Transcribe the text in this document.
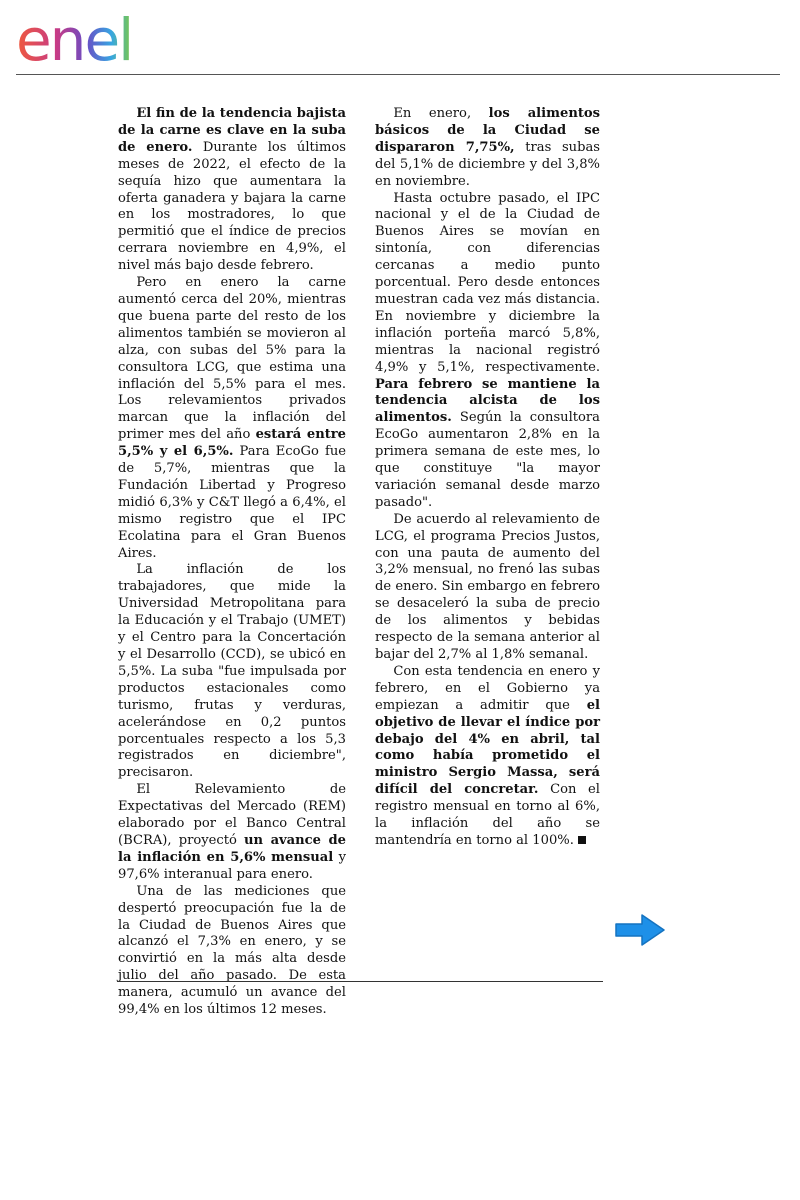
enel

El fin de la tendencia bajista de la carne es clave en la suba de enero. Durante los últimos meses de 2022, el efecto de la sequía hizo que aumentara la oferta ganadera y bajara la carne en los mostradores, lo que permitió que el índice de precios cerrara noviembre en 4,9%, el nivel más bajo desde febrero.

Pero en enero la carne aumentó cerca del 20%, mientras que buena parte del resto de los alimentos también se movieron al alza, con subas del 5% para la consultora LCG, que estima una inflación del 5,5% para el mes. Los relevamientos privados marcan que la inflación del primer mes del año estará entre 5,5% y el 6,5%. Para EcoGo fue de 5,7%, mientras que la Fundación Libertad y Progreso midió 6,3% y C&T llegó a 6,4%, el mismo registro que el IPC Ecolatina para el Gran Buenos Aires.

La inflación de los trabajadores, que mide la Universidad Metropolitana para la Educación y el Trabajo (UMET) y el Centro para la Concertación y el Desarrollo (CCD), se ubicó en 5,5%. La suba "fue impulsada por productos estacionales como turismo, frutas y verduras, acelerándose en 0,2 puntos porcentuales respecto a los 5,3 registrados en diciembre", precisaron.

El Relevamiento de Expectativas del Mercado (REM) elaborado por el Banco Central (BCRA), proyectó un avance de la inflación en 5,6% mensual y 97,6% interanual para enero.

Una de las mediciones que despertó preocupación fue la de la Ciudad de Buenos Aires que alcanzó el 7,3% en enero, y se convirtió en la más alta desde julio del año pasado. De esta manera, acumuló un avance del 99,4% en los últimos 12 meses.

En enero, los alimentos básicos de la Ciudad se dispararon 7,75%, tras subas del 5,1% de diciembre y del 3,8% en noviembre.

Hasta octubre pasado, el IPC nacional y el de la Ciudad de Buenos Aires se movían en sintonía, con diferencias cercanas a medio punto porcentual. Pero desde entonces muestran cada vez más distancia. En noviembre y diciembre la inflación porteña marcó 5,8%, mientras la nacional registró 4,9% y 5,1%, respectivamente. Para febrero se mantiene la tendencia alcista de los alimentos. Según la consultora EcoGo aumentaron 2,8% en la primera semana de este mes, lo que constituye "la mayor variación semanal desde marzo pasado".

De acuerdo al relevamiento de LCG, el programa Precios Justos, con una pauta de aumento del 3,2% mensual, no frenó las subas de enero. Sin embargo en febrero se desaceleró la suba de precio de los alimentos y bebidas respecto de la semana anterior al bajar del 2,7% al 1,8% semanal.

Con esta tendencia en enero y febrero, en el Gobierno ya empiezan a admitir que el objetivo de llevar el índice por debajo del 4% en abril, tal como había prometido el ministro Sergio Massa, será difícil del concretar. Con el registro mensual en torno al 6%, la inflación del año se mantendría en torno al 100%.
